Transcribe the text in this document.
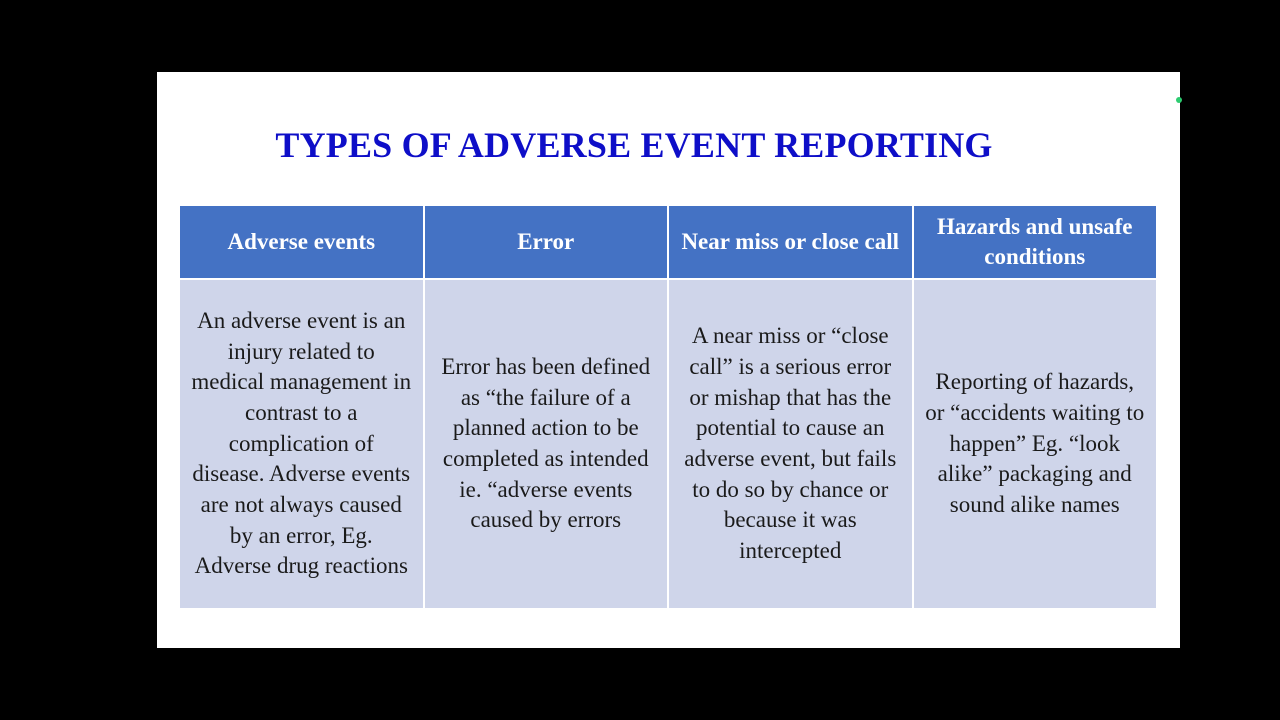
TYPES OF ADVERSE EVENT REPORTING
Adverse events	Error	Near miss or close call	Hazards and unsafe conditions
An adverse event is an injury related to medical management in contrast to a complication of disease. Adverse events are not always caused by an error, Eg. Adverse drug reactions	Error has been defined as “the failure of a planned action to be completed as intended ie. “adverse events caused by errors	A near miss or “close call” is a serious error or mishap that has the potential to cause an adverse event, but fails to do so by chance or because it was intercepted	Reporting of hazards, or “accidents waiting to happen” Eg. “look alike” packaging and sound alike names
